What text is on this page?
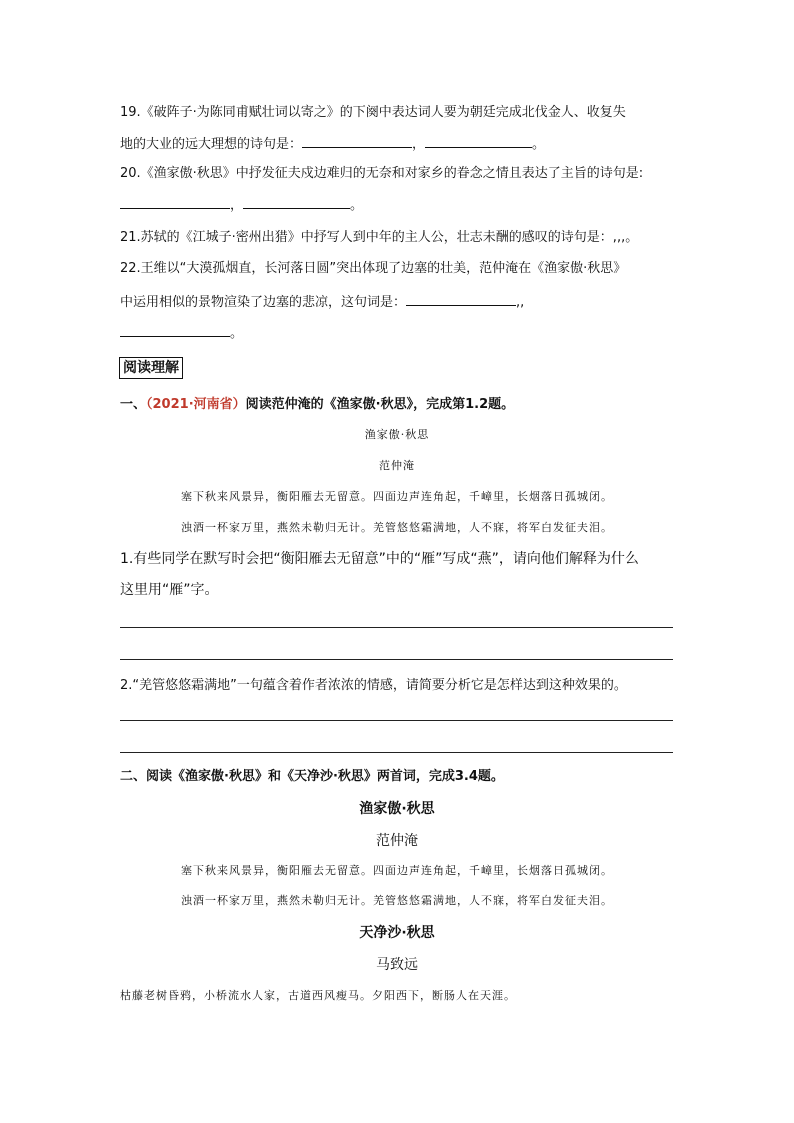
19.《破阵子·为陈同甫赋壮词以寄之》的下阕中表达词人要为朝廷完成北伐金人、收复失
地的大业的远大理想的诗句是：	，	。
20.《渔家傲·秋思》中抒发征夫戍边难归的无奈和对家乡的眷念之情且表达了主旨的诗句是:
，	。
21.苏轼的《江城子·密州出猎》中抒写人到中年的主人公，壮志未酬的感叹的诗句是：,,,。
22.王维以“大漠孤烟直，长河落日圆”突出体现了边塞的壮美，范仲淹在《渔家傲·秋思》
中运用相似的景物渲染了边塞的悲凉，这句词是：	,,
。
阅读理解
一、（2021·河南省）阅读范仲淹的《渔家傲·秋思》，完成第1.2题。
渔家傲·秋思
范仲淹
塞下秋来风景异，衡阳雁去无留意。四面边声连角起，千嶂里，长烟落日孤城闭。
浊酒一杯家万里，燕然未勒归无计。羌管悠悠霜满地，人不寐，将军白发征夫泪。
1.有些同学在默写时会把“衡阳雁去无留意”中的“雁”写成“燕”，请向他们解释为什么
这里用“雁”字。
2.“羌管悠悠霜满地”一句蕴含着作者浓浓的情感，请简要分析它是怎样达到这种效果的。
二、阅读《渔家傲·秋思》和《天净沙·秋思》两首词，完成3.4题。
渔家傲·秋思
范仲淹
塞下秋来风景异，衡阳雁去无留意。四面边声连角起，千嶂里，长烟落日孤城闭。
浊酒一杯家万里，燕然未勒归无计。羌管悠悠霜满地，人不寐，将军白发征夫泪。
天净沙·秋思
马致远
枯藤老树昏鸦，小桥流水人家，古道西风瘦马。夕阳西下，断肠人在天涯。
